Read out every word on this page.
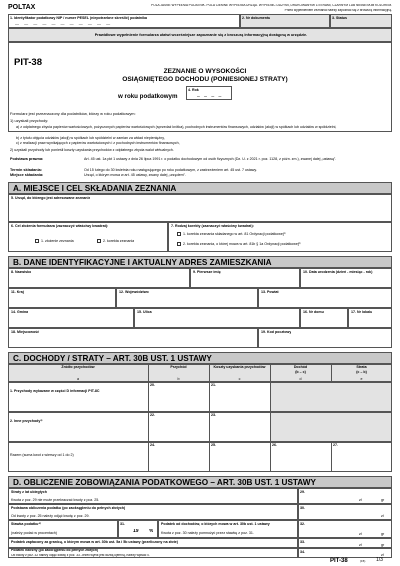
POLTAX	POLA JASNE WYPEŁNIA PODATNIK. POLA CIEMNE WYPEŁNIA URZĄD. WYPEŁNIĆ DUŻYMI, DRUKOWANYMI LITERAMI, CZARNYM LUB NIEBIESKIM KOLOREM.
Przed wypełnieniem zeznania należy zapoznać się z broszurą informacyjną.
1. Identyfikator podatkowy NIP / numer PESEL (niepotrzebne skreślić) podatnika
— — — — — — — — — — —
2. Nr dokumentu	3. Status
Prawidłowe wypełnienie formularza ułatwi wcześniejsze zapoznanie się z broszurą informacyjną dostępną w urzędzie.
PIT-38
ZEZNANIE O WYSOKOŚCI
OSIĄGNIĘTEGO DOCHODU (PONIESIONEJ STRATY)
w roku podatkowym
4. Rok
_ _ _ _
Formularz jest przeznaczony dla podatników, którzy w roku podatkowym:
1) uzyskali przychody:
a) z odpłatnego zbycia papierów wartościowych, pożyczonych papierów wartościowych (sprzedaż krótka), pochodnych instrumentów finansowych, udziałów (akcji) w spółkach lub udziałów w spółdzielni,
b) z tytułu objęcia udziałów (akcji) w spółkach lub spółdzielni w zamian za wkład niepieniężny,
c) z realizacji praw wynikających z papierów wartościowych i z pochodnych instrumentów finansowych,
2) uzyskali przychody lub ponieśli koszty uzyskania przychodów z odpłatnego zbycia walut wirtualnych.
Podstawa prawna:	Art. 45 ust. 1a pkt 1 ustawy z dnia 26 lipca 1991 r. o podatku dochodowym od osób fizycznych (Dz. U. z 2021 r. poz. 1128, z późn. zm.), zwanej dalej „ustawą”.
Termin składania:	Od 15 lutego do 30 kwietnia roku następującego po roku podatkowym, z zastrzeżeniem art. 45 ust. 7 ustawy.
Miejsce składania:	Urząd, o którym mowa w art. 45 ustawy, zwany dalej „urzędem”.
A. MIEJSCE I CEL SKŁADANIA ZEZNANIA
5. Urząd, do którego jest adresowane zeznanie
6. Cel złożenia formularza (zaznaczyć właściwy kwadrat):
1. złożenie zeznania	2. korekta zeznania
7. Rodzaj korekty (zaznaczyć właściwy kwadrat):
1. korekta zeznania składanego w art. 81 Ordynacji podatkowej¹⁾
2. korekta zeznania, o której mowa w art. 81b § 1a Ordynacji podatkowej²⁾
B. DANE IDENTYFIKACYJNE I AKTUALNY ADRES ZAMIESZKANIA
8. Nazwisko	9. Pierwsze imię	10. Data urodzenia (dzień - miesiąc - rok)
11. Kraj	12. Województwo	13. Powiat
14. Gmina	15. Ulica	16. Nr domu	17. Nr lokalu
18. Miejscowość	19. Kod pocztowy
C. DOCHODY / STRATY – ART. 30B UST. 1 USTAWY
Źródło przychodów	Przychód	Koszty uzyskania przychodów	Dochód
(b – c)
Strata
(c – b)
a	b	c	d	e
1. Przychody wykazane w części D informacji PIT-8C
20.	21.
2. Inne przychody³⁾
22.	23.
Razem (suma kwot z wierszy od 1 do 2)
24.	25.	26.	27.
D. OBLICZENIE ZOBOWIĄZANIA PODATKOWEGO – ART. 30B UST. 1 USTAWY
Straty z lat ubiegłych
Kwota z poz. 29 nie może przekraczać kwoty z poz. 25.
29.
zł	gr
Podstawa obliczenia podatku (po zaokrągleniu do pełnych złotych)
Od kwoty z poz. 25 należy odjąć kwotę z poz. 29.
30.
zł
Stawka podatku⁴⁾
(należy podać w procentach)
31.
19 %
Podatek od dochodów, o których mowa w art. 30b ust. 1 ustawy
Kwota z poz. 30 należy pomnożyć przez stawkę z poz. 31.
32.
zł	gr
Podatek zapłacony za granicą, o którym mowa w art. 30b ust. 5a i 5b ustawy (przeliczony na złote)	33.
zł	gr
Podatek należny (po zaokrągleniu do pełnych złotych)
Od kwoty z poz. 32 należy odjąć kwotę z poz. 33. Jeżeli wynik jest liczbą ujemną, należy wpisać 0.
34.
zł
PIT-38	(15) 1/3
